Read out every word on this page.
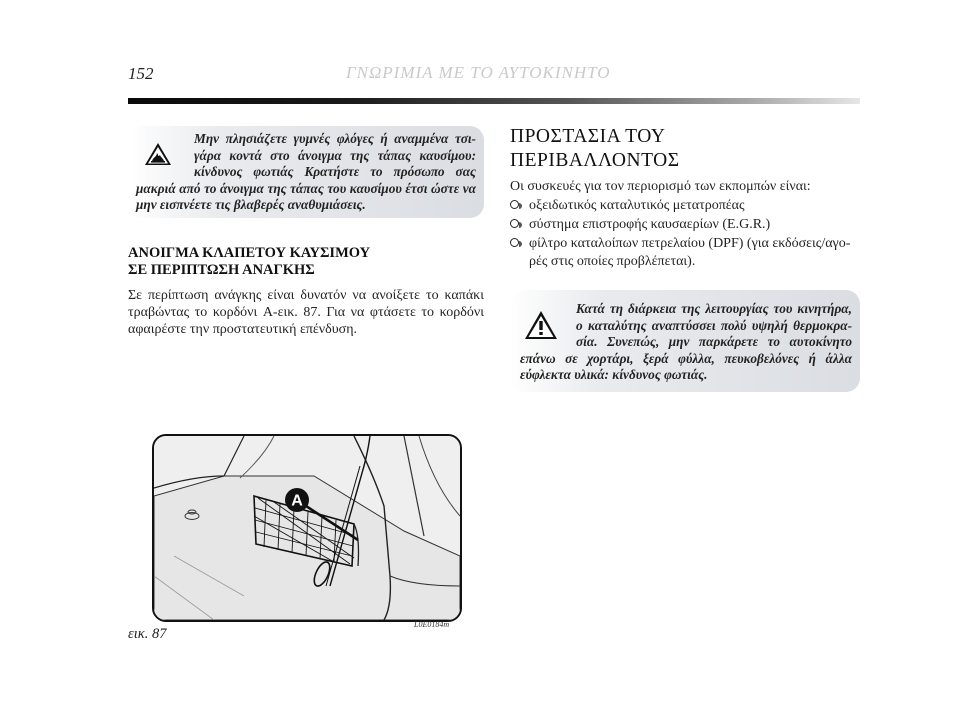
152	ΓΝΩΡΙΜΙΑ ΜΕ ΤΟ ΑΥΤΟΚΙΝΗΤΟ
Μην πλησιάζετε γυμνές φλόγες ή αναμμένα τσι-γάρα κοντά στο άνοιγμα της τάπας καυσίμου: κίνδυνος φωτιάς Κρατήστε το πρόσωπο σας μακριά από το άνοιγμα της τάπας του καυσίμου έτσι ώστε να μην εισπνέετε τις βλαβερές αναθυμιάσεις.
ΑΝΟΙΓΜΑ ΚΛΑΠΕΤΟΥ ΚΑΥΣΙΜΟΥ
ΣΕ ΠΕΡΙΠΤΩΣΗ ΑΝΑΓΚΗΣ
Σε περίπτωση ανάγκης είναι δυνατόν να ανοίξετε το καπάκι τραβώντας το κορδόνι A-εικ. 87. Για να φτάσετε το κορδόνι αφαιρέστε την προστατευτική επένδυση.
ΠΡΟΣΤΑΣΙΑ ΤΟΥ
ΠΕΡΙΒΑΛΛΟΝΤΟΣ
Οι συσκευές για τον περιορισμό των εκπομπών είναι:
οξειδωτικός καταλυτικός μετατροπέας
σύστημα επιστροφής καυσαερίων (E.G.R.)
φίλτρο καταλοίπων πετρελαίου (DPF) (για εκδόσεις/αγο-ρές στις οποίες προβλέπεται).
Κατά τη διάρκεια της λειτουργίας του κινητήρα, ο καταλύτης αναπτύσσει πολύ υψηλή θερμοκρα-σία. Συνεπώς, μην παρκάρετε το αυτοκίνητο επάνω σε χορτάρι, ξερά φύλλα, πευκοβελόνες ή άλλα εύφλεκτα υλικά: κίνδυνος φωτιάς.
A
εικ. 87
L0E0184m
